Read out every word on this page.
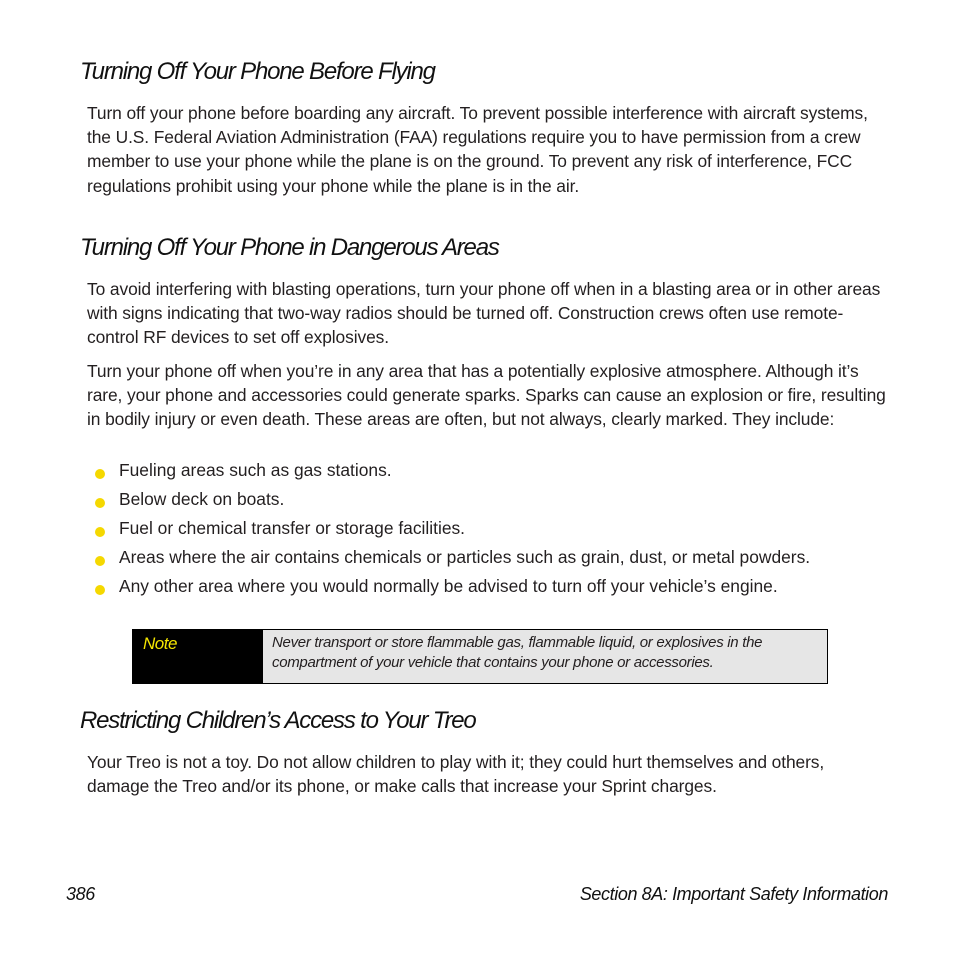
Turning Off Your Phone Before Flying

Turn off your phone before boarding any aircraft. To prevent possible interference with aircraft systems, the U.S. Federal Aviation Administration (FAA) regulations require you to have permission from a crew member to use your phone while the plane is on the ground. To prevent any risk of interference, FCC regulations prohibit using your phone while the plane is in the air.

Turning Off Your Phone in Dangerous Areas

To avoid interfering with blasting operations, turn your phone off when in a blasting area or in other areas with signs indicating that two-way radios should be turned off. Construction crews often use remote-control RF devices to set off explosives.

Turn your phone off when you’re in any area that has a potentially explosive atmosphere. Although it’s rare, your phone and accessories could generate sparks. Sparks can cause an explosion or fire, resulting in bodily injury or even death. These areas are often, but not always, clearly marked. They include:

Fueling areas such as gas stations.
Below deck on boats.
Fuel or chemical transfer or storage facilities.
Areas where the air contains chemicals or particles such as grain, dust, or metal powders.
Any other area where you would normally be advised to turn off your vehicle’s engine.
Note	Never transport or store flammable gas, flammable liquid, or explosives in the compartment of your vehicle that contains your phone or accessories.
Restricting Children’s Access to Your Treo

Your Treo is not a toy. Do not allow children to play with it; they could hurt themselves and others, damage the Treo and/or its phone, or make calls that increase your Sprint charges.

386	Section 8A: Important Safety Information
